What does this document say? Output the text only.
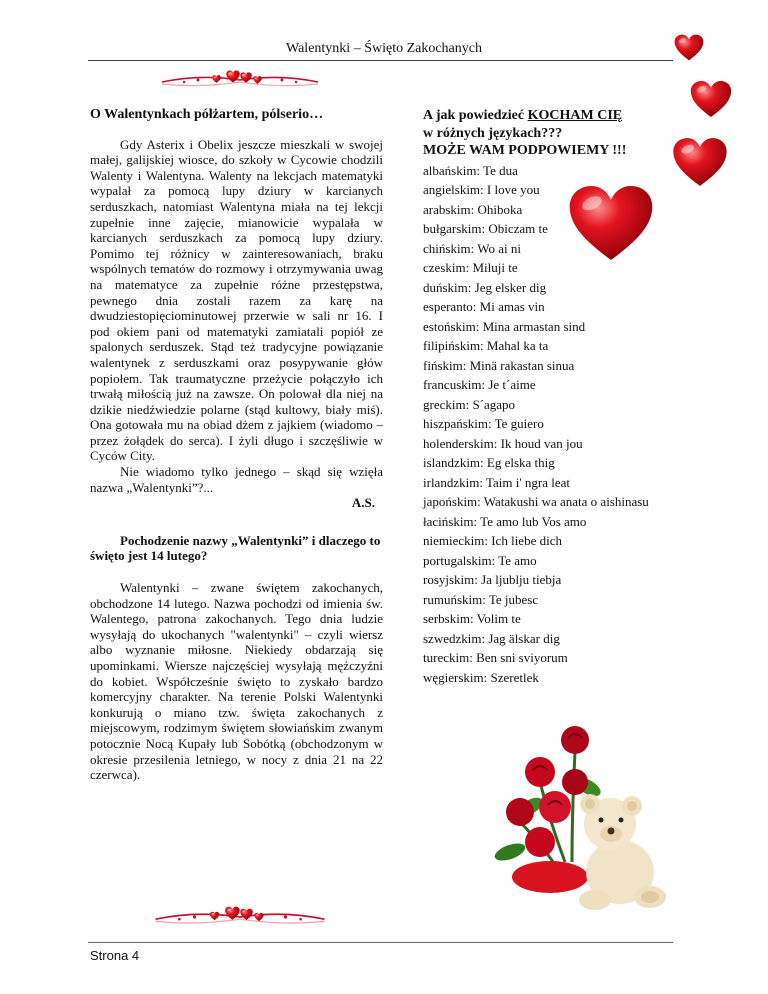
Walentynki – Święto Zakochanych
O Walentynkach półżartem, pólserio…

Gdy Asterix i Obelix jeszcze mieszkali w swojej małej, galijskiej wiosce, do szkoły w Cycowie chodzili Walenty i Walentyna. Walenty na lekcjach matematyki wypalał za pomocą lupy dziury w karcianych serduszkach, natomiast Walentyna miała na tej lekcji zupełnie inne zajęcie, mianowicie wypalała w karcianych serduszkach za pomocą lupy dziury. Pomimo tej różnicy w zainteresowaniach, braku wspólnych tematów do rozmowy i otrzymywania uwag na matematyce za zupełnie różne przestępstwa, pewnego dnia zostali razem za karę na dwudziestopięciominutowej przerwie w sali nr 16. I pod okiem pani od matematyki zamiatali popiół ze spalonych serduszek. Stąd też tradycyjne powiązanie walentynek z serduszkami oraz posypywanie głów popiołem. Tak traumatyczne przeżycie połączyło ich trwałą miłością już na zawsze. On polował dla niej na dzikie niedźwiedzie polarne (stąd kultowy, biały miś). Ona gotowała mu na obiad dżem z jajkiem (wiadomo – przez żołądek do serca). I żyli długo i szczęśliwie w Cyców City.

Nie wiadomo tylko jednego – skąd się wzięła nazwa „Walentynki”?...

A.S.
Pochodzenie nazwy „Walentynki” i dlaczego to święto jest 14 lutego?

Walentynki – zwane świętem zakochanych, obchodzone 14 lutego. Nazwa pochodzi od imienia św. Walentego, patrona zakochanych. Tego dnia ludzie wysyłają do ukochanych "walentynki" – czyli wiersz albo wyznanie miłosne. Niekiedy obdarzają się upominkami. Wiersze najczęściej wysyłają mężczyźni do kobiet. Współcześnie święto to zyskało bardzo komercyjny charakter. Na terenie Polski Walentynki konkurują o miano tzw. święta zakochanych z miejscowym, rodzimym świętem słowiańskim zwanym potocznie Nocą Kupały lub Sobótką (obchodzonym w okresie przesilenia letniego, w nocy z dnia 21 na 22 czerwca).

A jak powiedzieć KOCHAM CIĘ
w różnych językach???
MOŻE WAM PODPOWIEMY !!!
albańskim: Te dua
angielskim: I love you
arabskim: Ohiboka
bułgarskim: Obiczam te
chińskim: Wo ai ni
czeskim: Miluji te
duńskim: Jeg elsker dig
esperanto: Mi amas vin
estońskim: Mina armastan sind
filipińskim: Mahal ka ta
fińskim: Minä rakastan sinua
francuskim: Je t´aime
greckim: S´agapo
hiszpańskim: Te guiero
holenderskim: Ik houd van jou
islandzkim: Eg elska thig
irlandzkim: Taim i' ngra leat
japońskim: Watakushi wa anata o aishinasu
łacińskim: Te amo lub Vos amo
niemieckim: Ich liebe dich
portugalskim: Te amo
rosyjskim: Ja ljublju tiebja
rumuńskim: Te jubesc
serbskim: Volim te
szwedzkim: Jag älskar dig
tureckim: Ben sni sviyorum
węgierskim: Szeretlek
Strona 4
